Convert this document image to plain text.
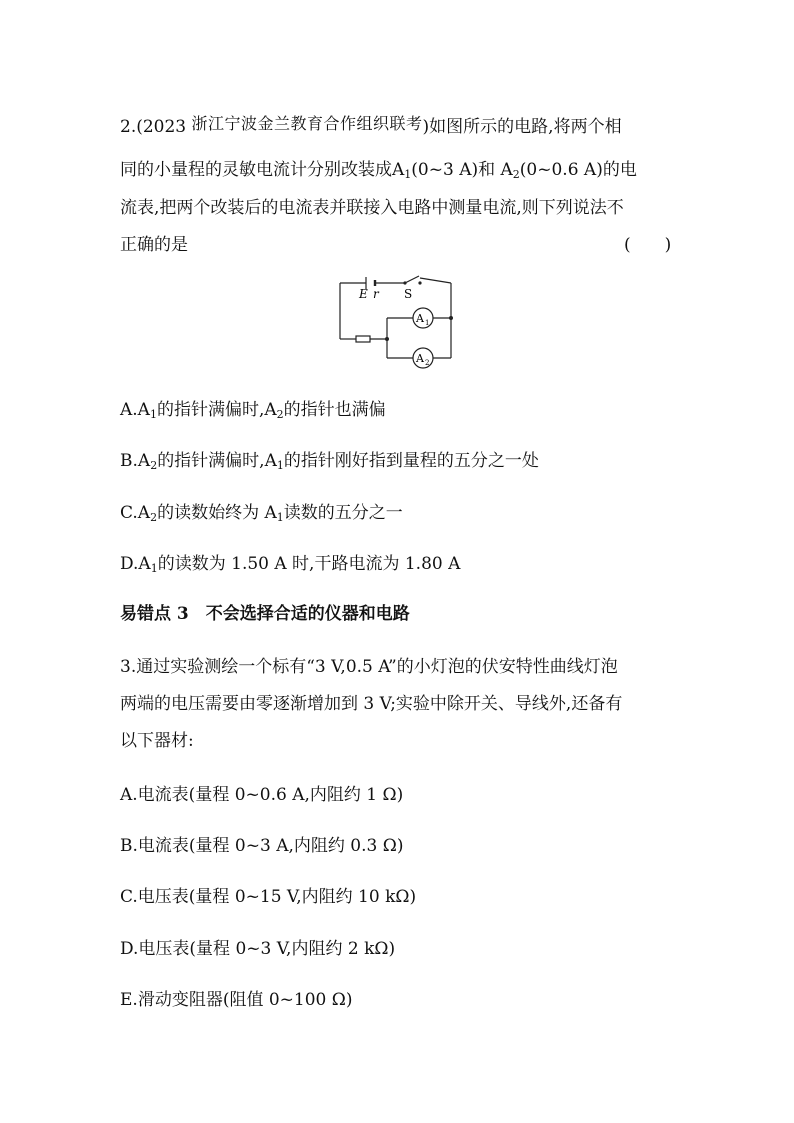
2.(2023 浙江宁波金兰教育合作组织联考)如图所示的电路,将两个相
同的小量程的灵敏电流计分别改装成$A_1(0\sim 3$ A)和 $A_2(0\sim 0.6$ A)的电
流表,把两个改装后的电流表并联接入电路中测量电流,则下列说法不
正确的是	(　　)
E r S
A 1
A 2
$A.A_1$的指针满偏时$,A_2$的指针也满偏
$B.A_2$的指针满偏时$,A_1$的指针刚好指到量程的五分之一处
$C.A_2$的读数始终为 $A_1$读数的五分之一
$D.A_1$的读数为 1.50 A 时,干路电流为 1.80 A
易错点 3　不会选择合适的仪器和电路
3.通过实验测绘一个标有“3 V,0.5 A”的小灯泡的伏安特性曲线灯泡
两端的电压需要由零逐渐增加到 3 V;实验中除开关、导线外,还备有
以下器材:
A.电流表(量程 0~0.6 A,内阻约 1 Ω)
B.电流表(量程 0~3 A,内阻约 0.3 Ω)
C.电压表(量程 0~15 V,内阻约 10 kΩ)
D.电压表(量程 0~3 V,内阻约 2 kΩ)
E.滑动变阻器(阻值 0~100 Ω)
